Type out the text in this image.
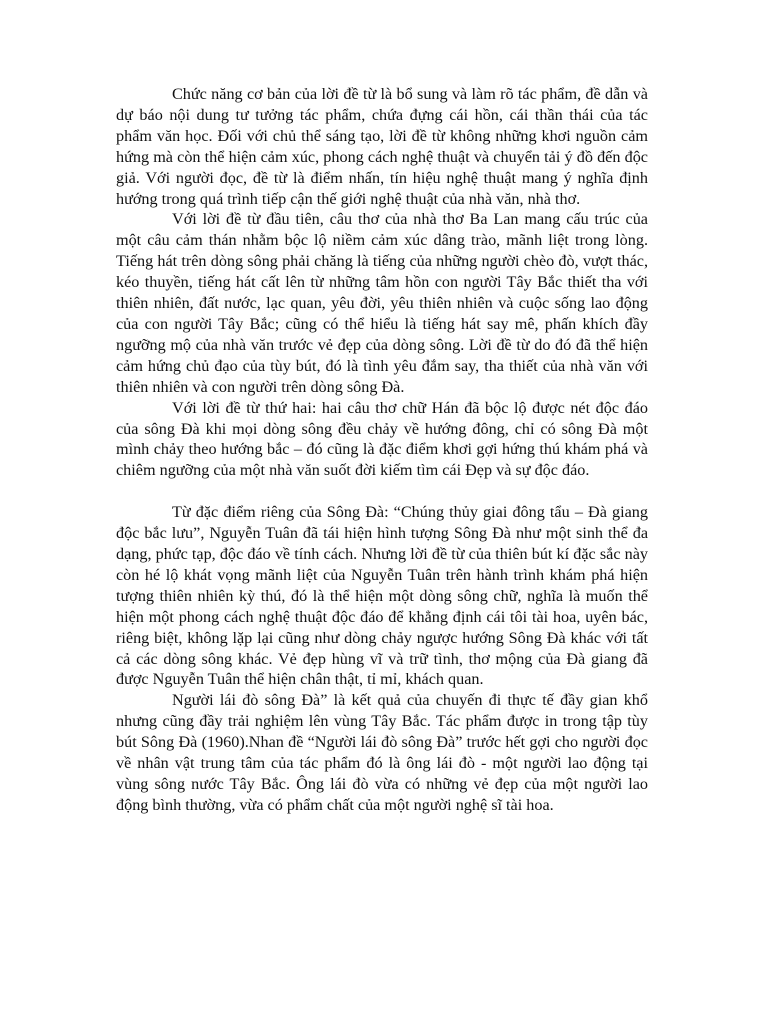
Chức năng cơ bản của lời đề từ là bổ sung và làm rõ tác phẩm, đề dẫn và dự báo nội dung tư tưởng tác phẩm, chứa đựng cái hồn, cái thần thái của tác phẩm văn học. Đối với chủ thể sáng tạo, lời đề từ không những khơi nguồn cảm hứng mà còn thể hiện cảm xúc, phong cách nghệ thuật và chuyển tải ý đồ đến độc giả. Với người đọc, đề từ là điểm nhấn, tín hiệu nghệ thuật mang ý nghĩa định hướng trong quá trình tiếp cận thế giới nghệ thuật của nhà văn, nhà thơ.

Với lời đề từ đầu tiên, câu thơ của nhà thơ Ba Lan mang cấu trúc của một câu cảm thán nhằm bộc lộ niềm cảm xúc dâng trào, mãnh liệt trong lòng. Tiếng hát trên dòng sông phải chăng là tiếng của những người chèo đò, vượt thác, kéo thuyền, tiếng hát cất lên từ những tâm hồn con người Tây Bắc thiết tha với thiên nhiên, đất nước, lạc quan, yêu đời, yêu thiên nhiên và cuộc sống lao động của con người Tây Bắc; cũng có thể hiểu là tiếng hát say mê, phấn khích đầy ngưỡng mộ của nhà văn trước vẻ đẹp của dòng sông. Lời đề từ do đó đã thể hiện cảm hứng chủ đạo của tùy bút, đó là tình yêu đắm say, tha thiết của nhà văn với thiên nhiên và con người trên dòng sông Đà.

Với lời đề từ thứ hai: hai câu thơ chữ Hán đã bộc lộ được nét độc đáo của sông Đà khi mọi dòng sông đều chảy về hướng đông, chỉ có sông Đà một mình chảy theo hướng bắc – đó cũng là đặc điểm khơi gợi hứng thú khám phá và chiêm ngưỡng của một nhà văn suốt đời kiếm tìm cái Đẹp và sự độc đáo.

Từ đặc điểm riêng của Sông Đà: “Chúng thủy giai đông tẩu – Đà giang độc bắc lưu”, Nguyễn Tuân đã tái hiện hình tượng Sông Đà như một sinh thể đa dạng, phức tạp, độc đáo về tính cách. Nhưng lời đề từ của thiên bút kí đặc sắc này còn hé lộ khát vọng mãnh liệt của Nguyễn Tuân trên hành trình khám phá hiện tượng thiên nhiên kỳ thú, đó là thể hiện một dòng sông chữ, nghĩa là muốn thể hiện một phong cách nghệ thuật độc đáo để khẳng định cái tôi tài hoa, uyên bác, riêng biệt, không lặp lại cũng như dòng chảy ngược hướng Sông Đà khác với tất cả các dòng sông khác. Vẻ đẹp hùng vĩ và trữ tình, thơ mộng của Đà giang đã được Nguyễn Tuân thể hiện chân thật, tỉ mỉ, khách quan.

Người lái đò sông Đà” là kết quả của chuyến đi thực tế đầy gian khổ nhưng cũng đầy trải nghiệm lên vùng Tây Bắc. Tác phẩm được in trong tập tùy bút Sông Đà (1960).Nhan đề “Người lái đò sông Đà” trước hết gợi cho người đọc về nhân vật trung tâm của tác phẩm đó là ông lái đò - một người lao động tại vùng sông nước Tây Bắc. Ông lái đò vừa có những vẻ đẹp của một người lao động bình thường, vừa có phẩm chất của một người nghệ sĩ tài hoa.
